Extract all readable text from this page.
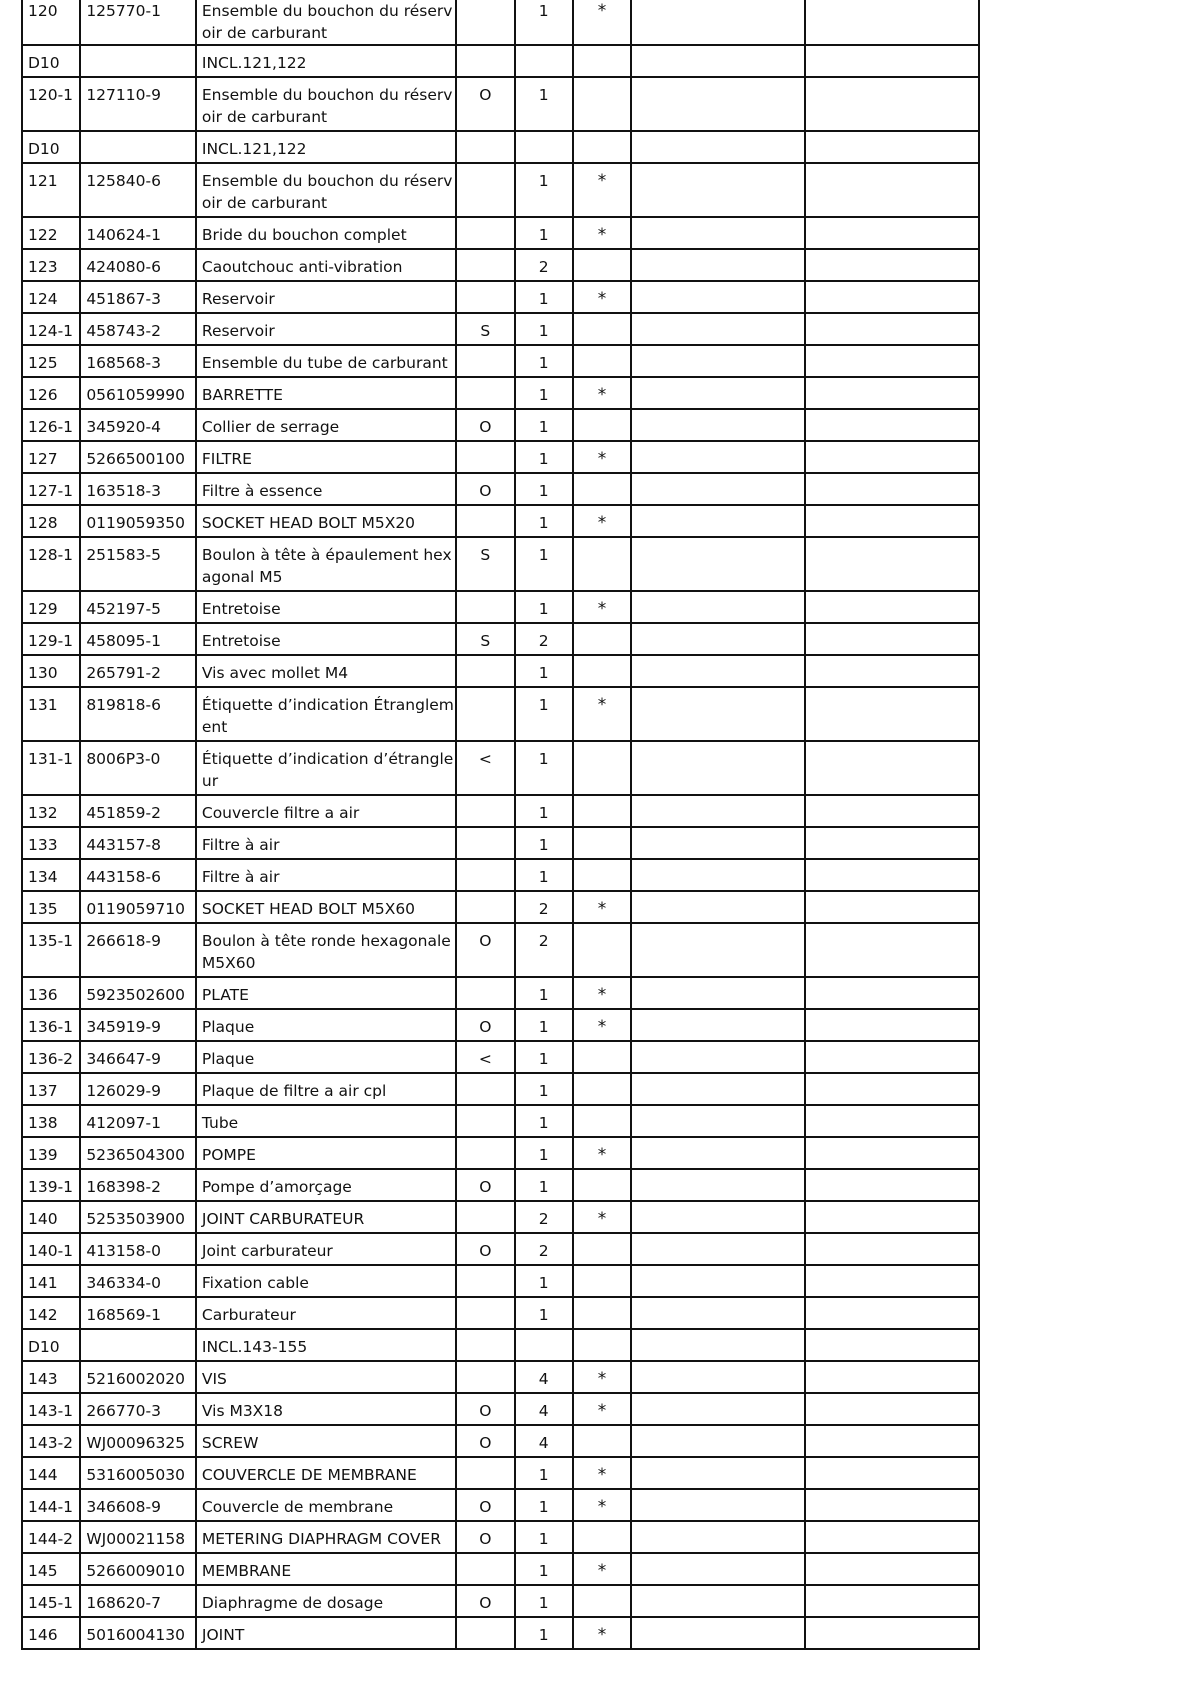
120	125770-1	Ensemble du bouchon du réservoir de carburant		1	*		
D10		INCL.121,122					
120-1	127110-9	Ensemble du bouchon du réservoir de carburant	O	1			
D10		INCL.121,122					
121	125840-6	Ensemble du bouchon du réservoir de carburant		1	*		
122	140624-1	Bride du bouchon complet		1	*		
123	424080-6	Caoutchouc anti-vibration		2			
124	451867-3	Reservoir		1	*		
124-1	458743-2	Reservoir	S	1			
125	168568-3	Ensemble du tube de carburant		1			
126	0561059990	BARRETTE		1	*		
126-1	345920-4	Collier de serrage	O	1			
127	5266500100	FILTRE		1	*		
127-1	163518-3	Filtre à essence	O	1			
128	0119059350	SOCKET HEAD BOLT M5X20		1	*		
128-1	251583-5	Boulon à tête à épaulement hexagonal M5	S	1			
129	452197-5	Entretoise		1	*		
129-1	458095-1	Entretoise	S	2			
130	265791-2	Vis avec mollet M4		1			
131	819818-6	Étiquette d’indication Étranglement		1	*		
131-1	8006P3-0	Étiquette d’indication d’étrangleur	<	1			
132	451859-2	Couvercle filtre a air		1			
133	443157-8	Filtre à air		1			
134	443158-6	Filtre à air		1			
135	0119059710	SOCKET HEAD BOLT M5X60		2	*		
135-1	266618-9	Boulon à tête ronde hexagonale M5X60	O	2			
136	5923502600	PLATE		1	*		
136-1	345919-9	Plaque	O	1	*		
136-2	346647-9	Plaque	<	1			
137	126029-9	Plaque de filtre a air cpl		1			
138	412097-1	Tube		1			
139	5236504300	POMPE		1	*		
139-1	168398-2	Pompe d’amorçage	O	1			
140	5253503900	JOINT CARBURATEUR		2	*		
140-1	413158-0	Joint carburateur	O	2			
141	346334-0	Fixation cable		1			
142	168569-1	Carburateur		1			
D10		INCL.143-155					
143	5216002020	VIS		4	*		
143-1	266770-3	Vis M3X18	O	4	*		
143-2	WJ00096325	SCREW	O	4			
144	5316005030	COUVERCLE DE MEMBRANE		1	*		
144-1	346608-9	Couvercle de membrane	O	1	*		
144-2	WJ00021158	METERING DIAPHRAGM COVER	O	1			
145	5266009010	MEMBRANE		1	*		
145-1	168620-7	Diaphragme de dosage	O	1			
146	5016004130	JOINT		1	*		
